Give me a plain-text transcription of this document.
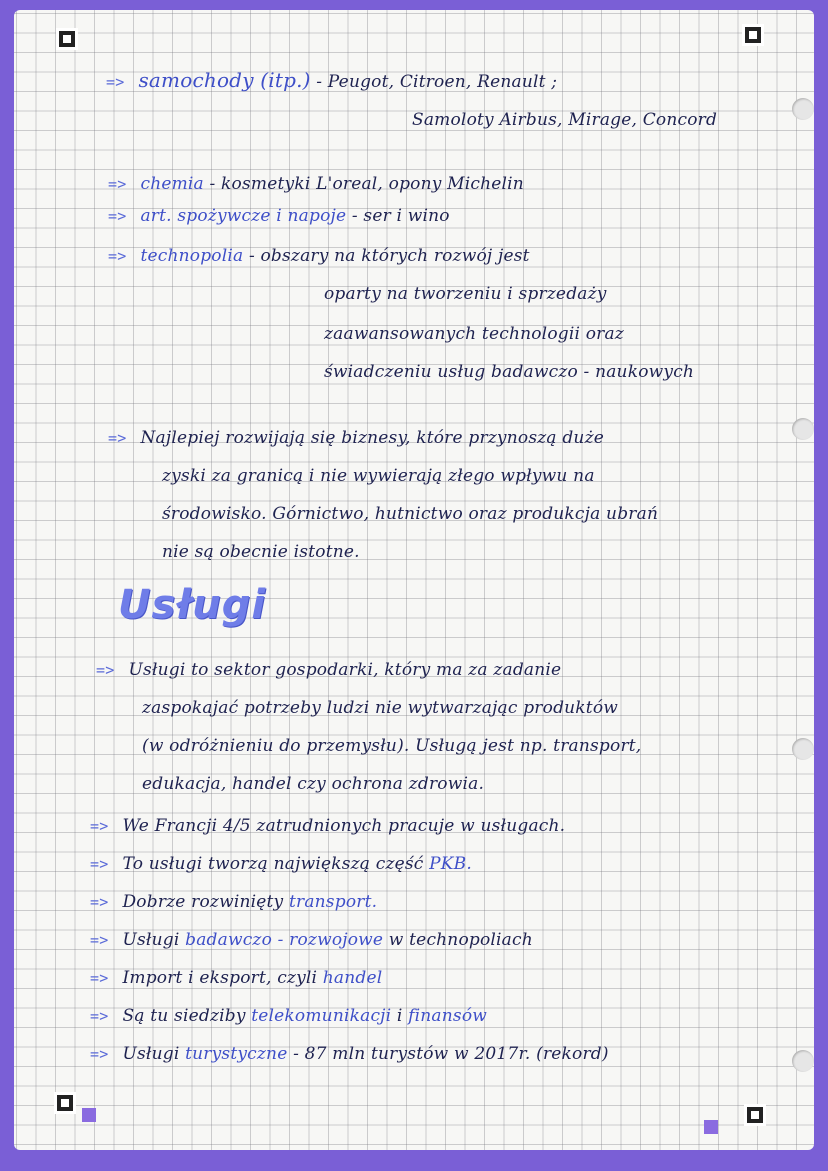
=> samochody (itp.) - Peugot, Citroen, Renault ;
Samoloty Airbus, Mirage, Concord
=> chemia - kosmetyki L'oreal, opony Michelin
=> art. spożywcze i napoje - ser i wino
=> technopolia - obszary na których rozwój jest
oparty na tworzeniu i sprzedaży
zaawansowanych technologii oraz
świadczeniu usług badawczo - naukowych
=> Najlepiej rozwijają się biznesy, które przynoszą duże
zyski za granicą i nie wywierają złego wpływu na
środowisko. Górnictwo, hutnictwo oraz produkcja ubrań
nie są obecnie istotne.
Usługi
=> Usługi to sektor gospodarki, który ma za zadanie
zaspokajać potrzeby ludzi nie wytwarzając produktów
(w odróżnieniu do przemysłu). Usługą jest np. transport,
edukacja, handel czy ochrona zdrowia.
=> We Francji 4/5 zatrudnionych pracuje w usługach.
=> To usługi tworzą największą część PKB.
=> Dobrze rozwinięty transport.
=> Usługi badawczo - rozwojowe w technopoliach
=> Import i eksport, czyli handel
=> Są tu siedziby telekomunikacji i finansów
=> Usługi turystyczne - 87 mln turystów w 2017r. (rekord)
